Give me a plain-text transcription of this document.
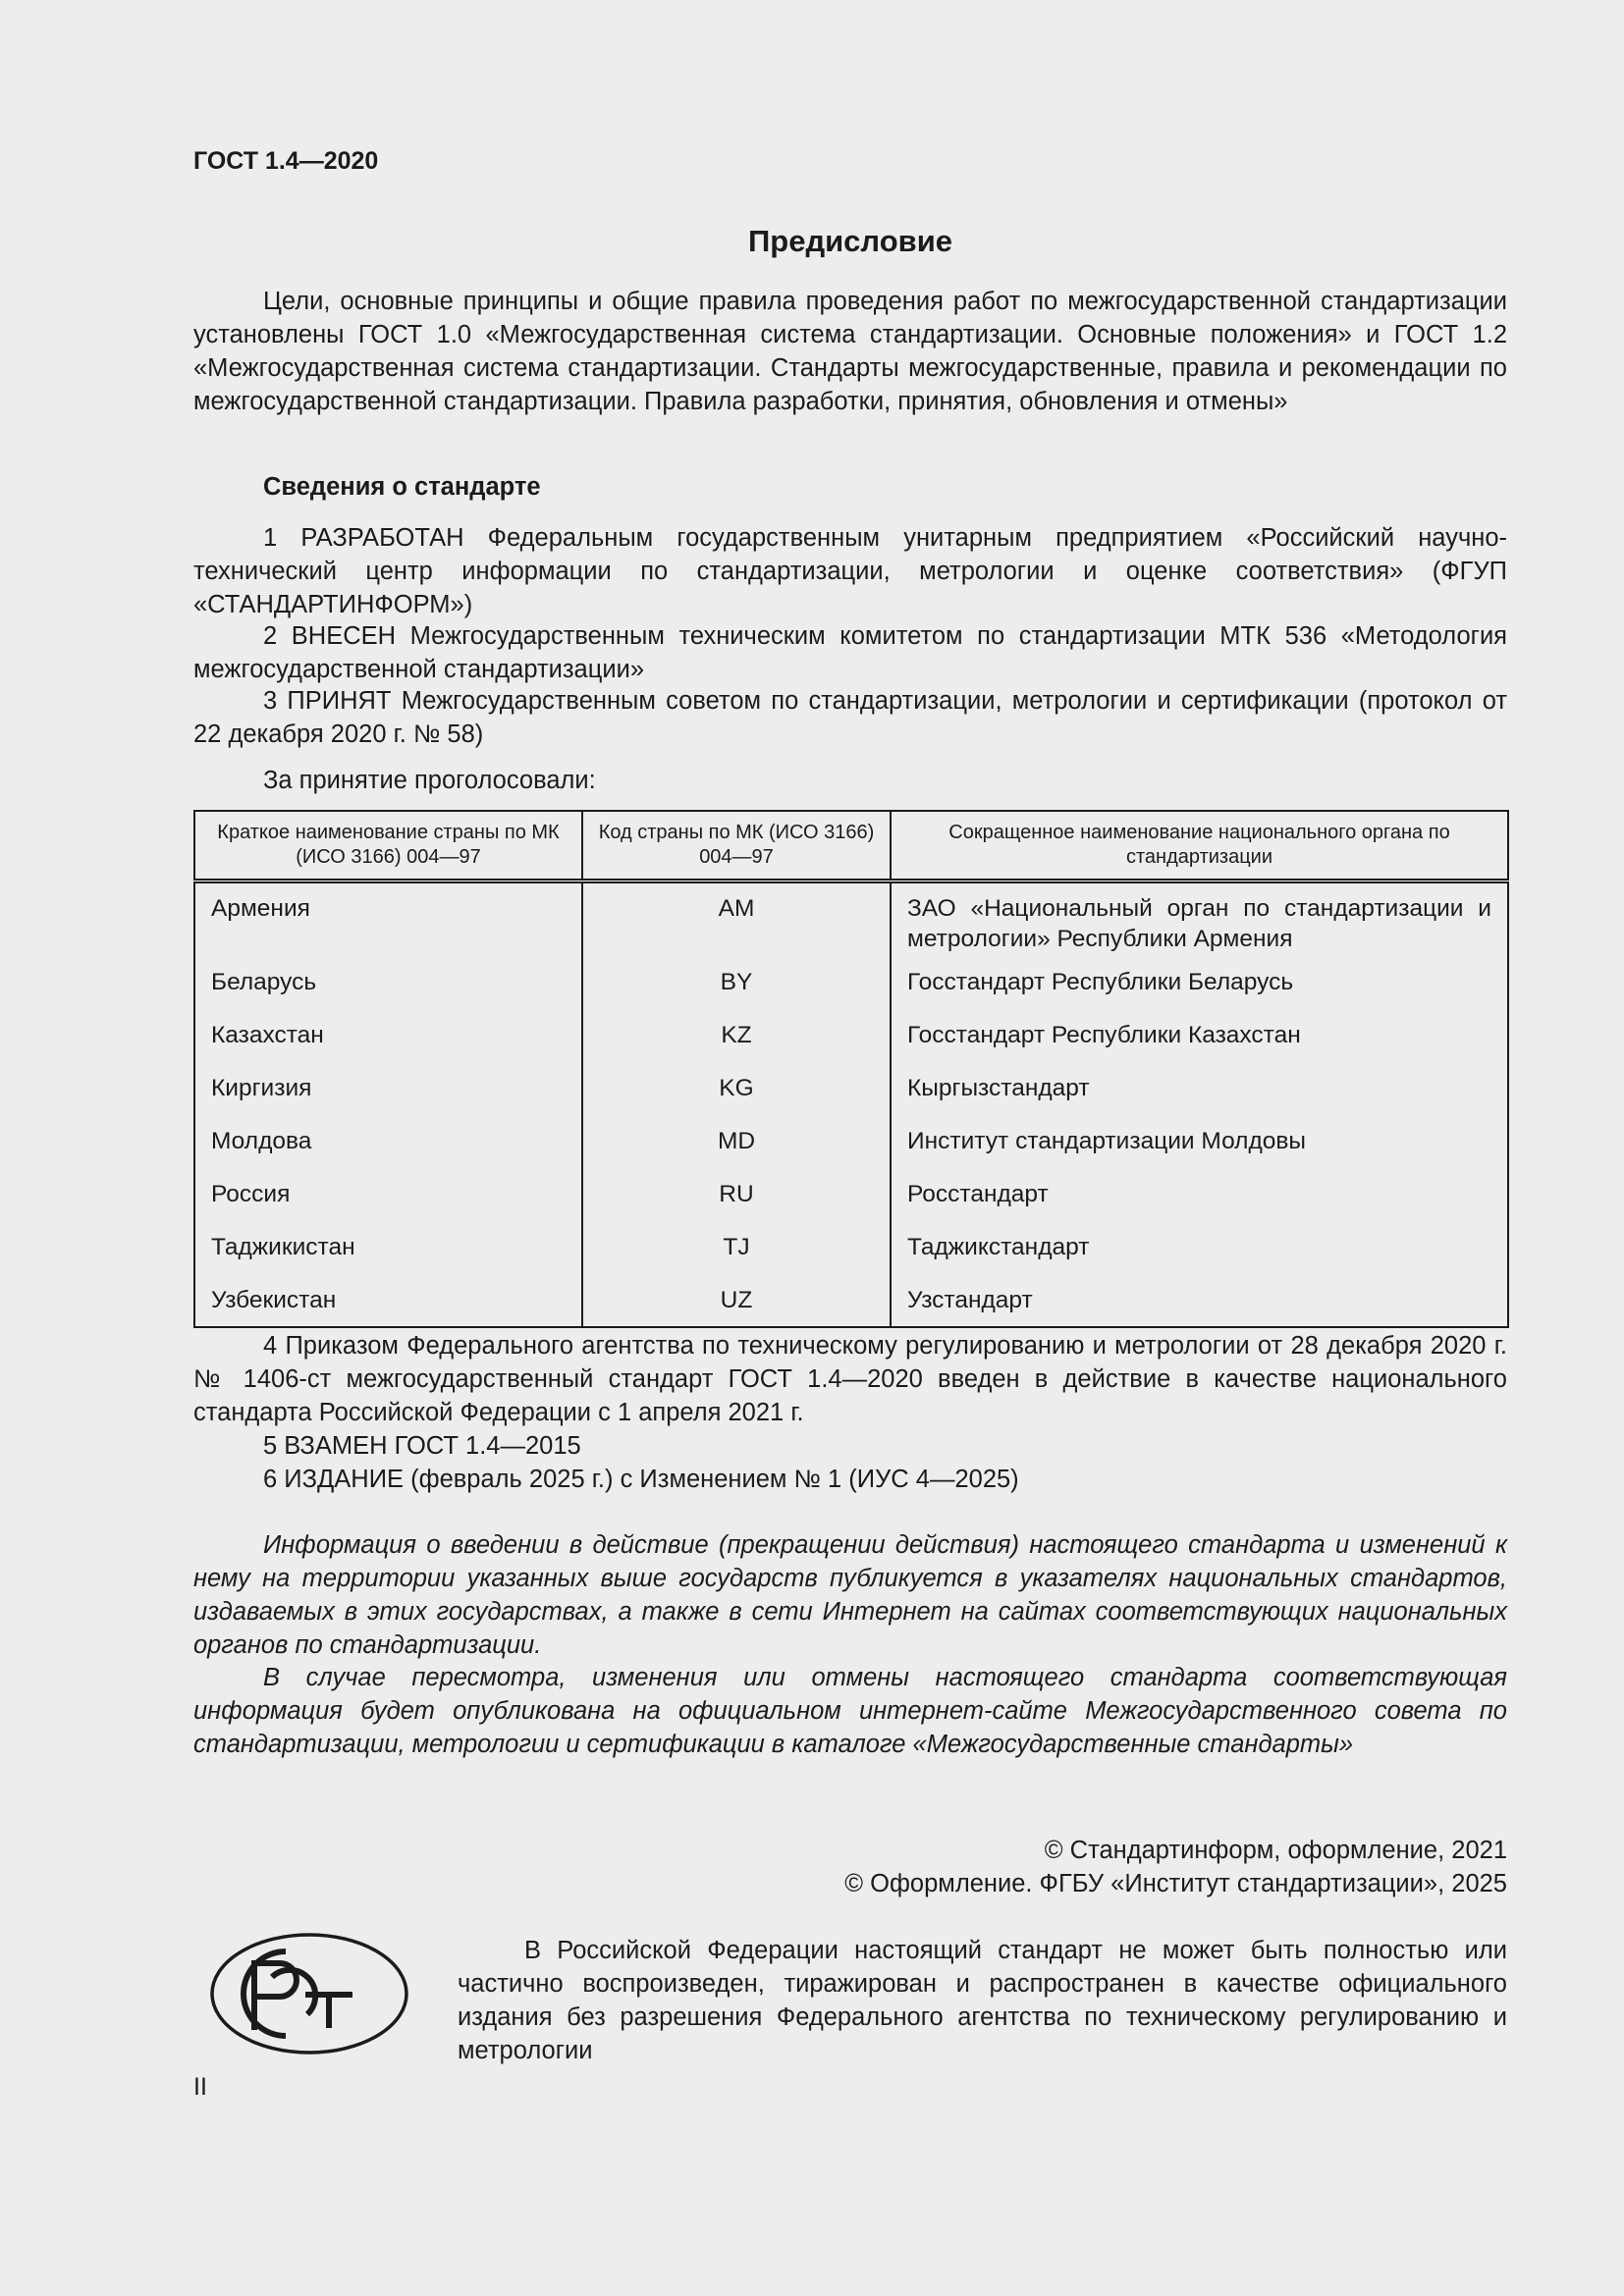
ГОСТ 1.4—2020
Предисловие

Цели, основные принципы и общие правила проведения работ по межгосударственной стандартизации установлены ГОСТ 1.0 «Межгосударственная система стандартизации. Основные положения» и ГОСТ 1.2 «Межгосударственная система стандартизации. Стандарты межгосударственные, правила и рекомендации по межгосударственной стандартизации. Правила разработки, принятия, обновления и отмены»

Сведения о стандарте

1 РАЗРАБОТАН Федеральным государственным унитарным предприятием «Российский научно-технический центр информации по стандартизации, метрологии и оценке соответствия» (ФГУП «СТАНДАРТИНФОРМ»)

2 ВНЕСЕН Межгосударственным техническим комитетом по стандартизации МТК 536 «Методология межгосударственной стандартизации»

3 ПРИНЯТ Межгосударственным советом по стандартизации, метрологии и сертификации (протокол от 22 декабря 2020 г. № 58)

За принятие проголосовали:
Краткое наименование страны по МК (ИСО 3166) 004—97	Код страны по МК (ИСО 3166) 004—97	Сокращенное наименование национального органа по стандартизации
Армения	AM	ЗАО «Национальный орган по стандартизации и метрологии» Республики Армения
Беларусь	BY	Госстандарт Республики Беларусь
Казахстан	KZ	Госстандарт Республики Казахстан
Киргизия	KG	Кыргызстандарт
Молдова	MD	Институт стандартизации Молдовы
Россия	RU	Росстандарт
Таджикистан	TJ	Таджикстандарт
Узбекистан	UZ	Узстандарт

4 Приказом Федерального агентства по техническому регулированию и метрологии от 28 декабря 2020 г. № 1406-ст межгосударственный стандарт ГОСТ 1.4—2020 введен в действие в качестве национального стандарта Российской Федерации с 1 апреля 2021 г.

5 ВЗАМЕН ГОСТ 1.4—2015

6 ИЗДАНИЕ (февраль 2025 г.) с Изменением № 1 (ИУС 4—2025)

Информация о введении в действие (прекращении действия) настоящего стандарта и изменений к нему на территории указанных выше государств публикуется в указателях национальных стандартов, издаваемых в этих государствах, а также в сети Интернет на сайтах соответствующих национальных органов по стандартизации.

В случае пересмотра, изменения или отмены настоящего стандарта соответствующая информация будет опубликована на официальном интернет-сайте Межгосударственного совета по стандартизации, метрологии и сертификации в каталоге «Межгосударственные стандарты»

© Стандартинформ, оформление, 2021
© Оформление. ФГБУ «Институт стандартизации», 2025

В Российской Федерации настоящий стандарт не может быть полностью или частично воспроизведен, тиражирован и распространен в качестве официального издания без разрешения Федерального агентства по техническому регулированию и метрологии

II
